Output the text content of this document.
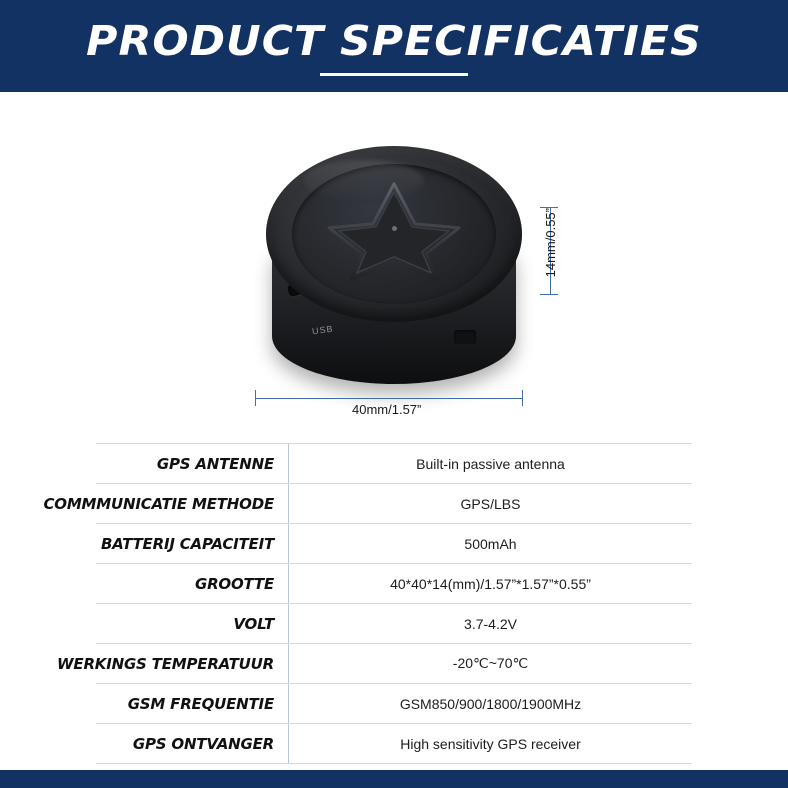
PRODUCT SPECIFICATIES
USB
14mm/0.55”
40mm/1.57”
GPS ANTENNE	Built-in passive antenna
COMMMUNICATIE METHODE	GPS/LBS
BATTERIJ CAPACITEIT	500mAh
GROOTTE	40*40*14(mm)/1.57”*1.57”*0.55”
VOLT	3.7-4.2V
WERKINGS TEMPERATUUR	-20℃~70℃
GSM FREQUENTIE	GSM850/900/1800/1900MHz
GPS ONTVANGER	High sensitivity GPS receiver
